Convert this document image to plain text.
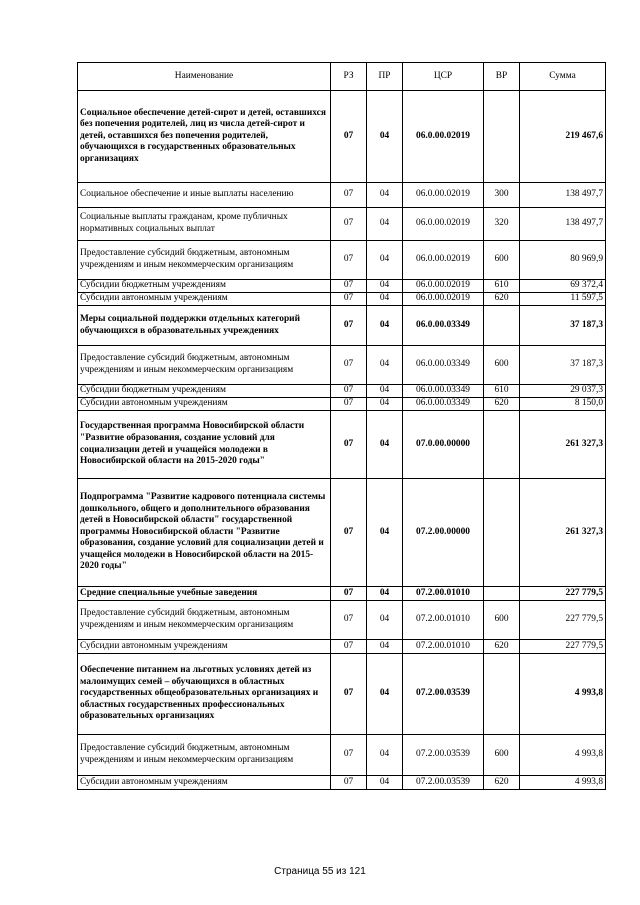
Наименование	РЗ	ПР	ЦСР	ВР	Сумма
Социальное обеспечение детей-сирот и детей, оставшихся без попечения родителей, лиц из числа детей-сирот и детей, оставшихся без попечения родителей, обучающихся в государственных образовательных организациях	07	04	06.0.00.02019		219 467,6
Социальное обеспечение и иные выплаты населению	07	04	06.0.00.02019	300	138 497,7
Социальные выплаты гражданам, кроме публичных нормативных социальных выплат	07	04	06.0.00.02019	320	138 497,7
Предоставление субсидий бюджетным, автономным учреждениям и иным некоммерческим организациям	07	04	06.0.00.02019	600	80 969,9
Субсидии бюджетным учреждениям	07	04	06.0.00.02019	610	69 372,4
Субсидии автономным учреждениям	07	04	06.0.00.02019	620	11 597,5
Меры социальной поддержки отдельных категорий обучающихся в образовательных учреждениях	07	04	06.0.00.03349		37 187,3
Предоставление субсидий бюджетным, автономным учреждениям и иным некоммерческим организациям	07	04	06.0.00.03349	600	37 187,3
Субсидии бюджетным учреждениям	07	04	06.0.00.03349	610	29 037,3
Субсидии автономным учреждениям	07	04	06.0.00.03349	620	8 150,0
Государственная программа Новосибирской области "Развитие образования, создание условий для социализации детей и учащейся молодежи в Новосибирской области на 2015-2020 годы"	07	04	07.0.00.00000		261 327,3
Подпрограмма "Развитие кадрового потенциала системы дошкольного, общего и дополнительного образования детей в Новосибирской области" государственной программы Новосибирской области "Развитие образования, создание условий для социализации детей и учащейся молодежи в Новосибирской области на 2015-2020 годы"	07	04	07.2.00.00000		261 327,3
Средние специальные учебные заведения	07	04	07.2.00.01010		227 779,5
Предоставление субсидий бюджетным, автономным учреждениям и иным некоммерческим организациям	07	04	07.2.00.01010	600	227 779,5
Субсидии автономным учреждениям	07	04	07.2.00.01010	620	227 779,5
Обеспечение питанием на льготных условиях детей из малоимущих семей – обучающихся в областных государственных общеобразовательных организациях и областных государственных профессиональных образовательных организациях	07	04	07.2.00.03539		4 993,8
Предоставление субсидий бюджетным, автономным учреждениям и иным некоммерческим организациям	07	04	07.2.00.03539	600	4 993,8
Субсидии автономным учреждениям	07	04	07.2.00.03539	620	4 993,8
Страница 55 из 121
